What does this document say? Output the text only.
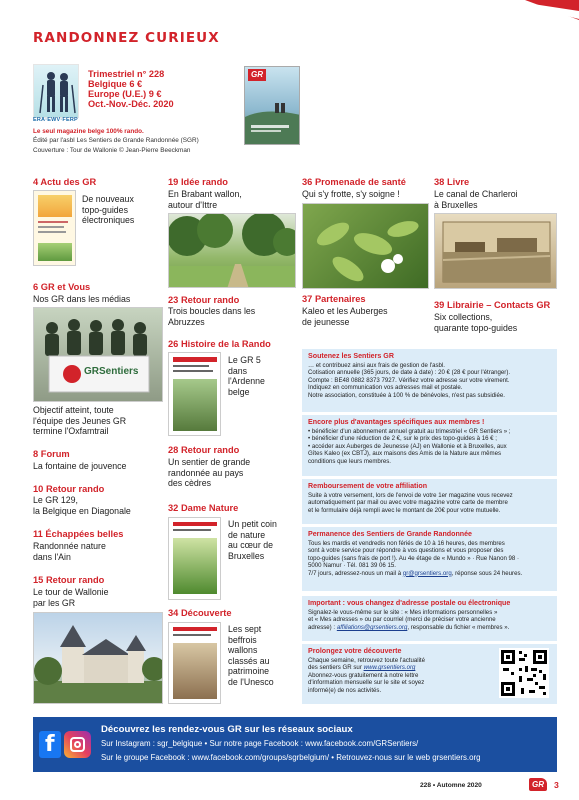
RANDONNEZ CURIEUX
ERA·EWV·FERP
Trimestriel n° 228
Belgique 6 €
Europe (U.E.) 9 €
Oct.-Nov.-Déc. 2020
GR
Le seul magazine belge 100% rando.
Édité par l'asbl Les Sentiers de Grande Randonnée (SGR)
Couverture : Tour de Wallonie © Jean-Pierre Beeckman
4 Actu des GR
De nouveaux
topo-guides
électroniques
6 GR et Vous
Nos GR dans les médias
GRSentiers
Objectif atteint, toute
l'équipe des Jeunes GR
termine l'Oxfamtrail
8 Forum
La fontaine de jouvence
10 Retour rando
Le GR 129,
la Belgique en Diagonale
11 Échappées belles
Randonnée nature
dans l'Ain
15 Retour rando
Le tour de Wallonie
par les GR
19 Idée rando
En Brabant wallon,
autour d'Ittre
23 Retour rando
Trois boucles dans les
Abruzzes
26 Histoire de la Rando
Le GR 5
dans
l'Ardenne
belge
28 Retour rando
Un sentier de grande
randonnée au pays
des cèdres
32 Dame Nature
Un petit coin
de nature
au cœur de
Bruxelles
34 Découverte
Les sept
beffrois
wallons
classés au
patrimoine
de l'Unesco
36 Promenade de santé
Qui s'y frotte, s'y soigne !
37 Partenaires
Kaleo et les Auberges
de jeunesse
38 Livre
Le canal de Charleroi
à Bruxelles
39 Librairie – Contacts GR
Six collections,
quarante topo-guides
Soutenez les Sentiers GR
… et contribuez ainsi aux frais de gestion de l'asbl.
Cotisation annuelle (365 jours, de date à date) : 20 € (28 € pour l'étranger).
Compte : BE48 0882 8373 7927. Vérifiez votre adresse sur votre virement.
Indiquez en communication vos adresses mail et postale.
Notre association, constituée à 100 % de bénévoles, n'est pas subsidiée.
Encore plus d'avantages spécifiques aux membres !
• bénéficier d'un abonnement annuel gratuit au trimestriel « GR Sentiers » ;
• bénéficier d'une réduction de 2 €, sur le prix des topo-guides à 16 € ;
• accéder aux Auberges de Jeunesse (AJ) en Wallonie et à Bruxelles, aux
Gîtes Kaleo (ex CBTJ), aux maisons des Amis de la Nature aux mêmes
conditions que leurs membres.
Remboursement de votre affiliation
Suite à votre versement, lors de l'envoi de votre 1er magazine vous recevez
automatiquement par mail ou avec votre magazine votre carte de membre
et le formulaire déjà rempli avec le montant de 20€ pour votre mutuelle.
Permanence des Sentiers de Grande Randonnée
Tous les mardis et vendredis non fériés de 10 à 16 heures, des membres
sont à votre service pour répondre à vos questions et vous proposer des
topo-guides (sans frais de port !). Au 4e étage de « Mundo » · Rue Nanon 98 ·
5000 Namur · Tél. 081 39 06 15.
7/7 jours, adressez-nous un mail à gr@grsentiers.org, réponse sous 24 heures.
Important : vous changez d'adresse postale ou électronique
Signalez-le vous-même sur le site : « Mes informations personnelles »
et « Mes adresses » ou par courriel (merci de préciser votre ancienne
adresse) : affiliations@grsentiers.org, responsable du fichier « membres ».
Prolongez votre découverte
Chaque semaine, retrouvez toute l'actualité
des sentiers GR sur www.grsentiers.org
Abonnez-vous gratuitement à notre lettre
d'information mensuelle sur le site et soyez
informé(e) de nos activités.
f
Découvrez les rendez-vous GR sur les réseaux sociaux
Sur Instagram : sgr_belgique • Sur notre page Facebook : www.facebook.com/GRSentiers/
Sur le groupe Facebook : www.facebook.com/groups/sgrbelgium/ • Retrouvez-nous sur le web grsentiers.org
228 • Automne 2020	GR	3
